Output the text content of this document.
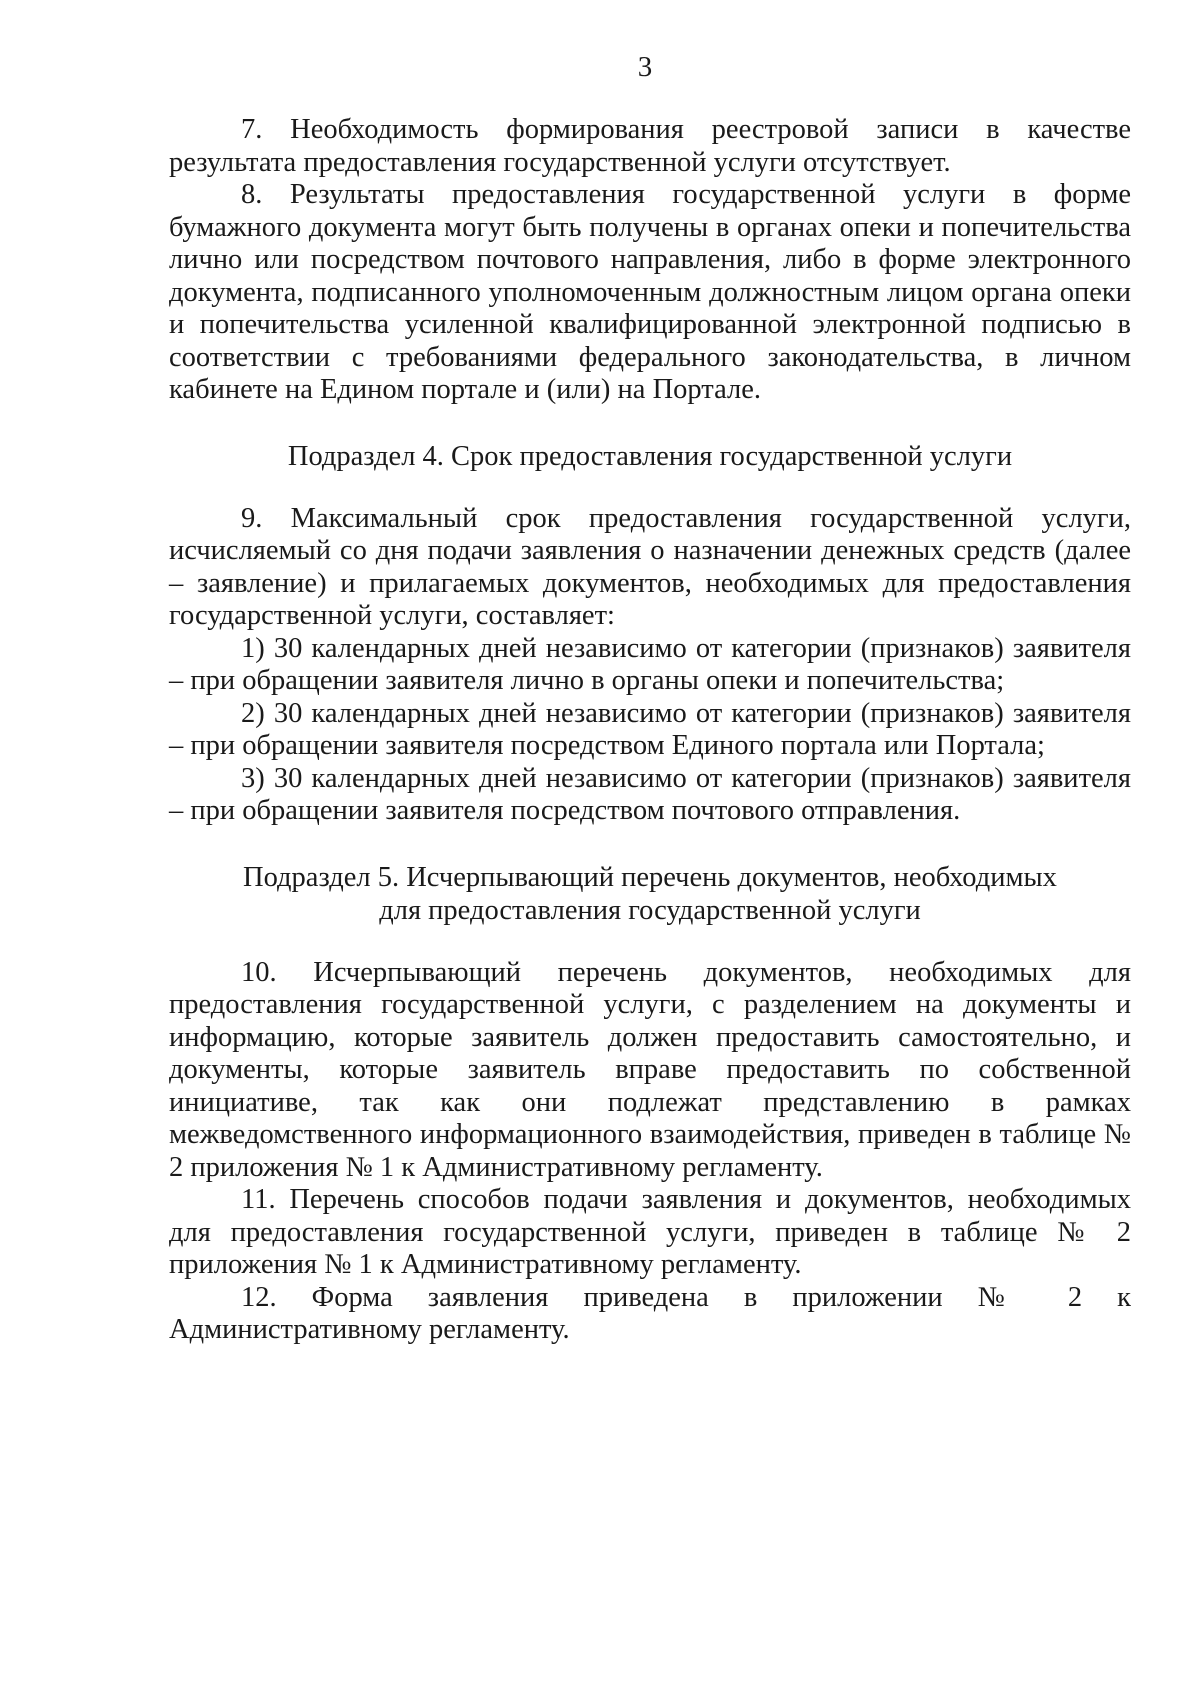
3

7. Необходимость формирования реестровой записи в качестве результата предоставления государственной услуги отсутствует.

8. Результаты предоставления государственной услуги в форме бумажного документа могут быть получены в органах опеки и попечительства лично или посредством почтового направления, либо в форме электронного документа, подписанного уполномоченным должностным лицом органа опеки и попечительства усиленной квалифицированной электронной подписью в соответствии с требованиями федерального законодательства, в личном кабинете на Едином портале и (или) на Портале.

Подраздел 4. Срок предоставления государственной услуги

9. Максимальный срок предоставления государственной услуги, исчисляемый со дня подачи заявления о назначении денежных средств (далее – заявление) и прилагаемых документов, необходимых для предоставления государственной услуги, составляет:

1) 30 календарных дней независимо от категории (признаков) заявителя – при обращении заявителя лично в органы опеки и попечительства;

2) 30 календарных дней независимо от категории (признаков) заявителя – при обращении заявителя посредством Единого портала или Портала;

3) 30 календарных дней независимо от категории (признаков) заявителя – при обращении заявителя посредством почтового отправления.

Подраздел 5. Исчерпывающий перечень документов, необходимых
для предоставления государственной услуги

10. Исчерпывающий перечень документов, необходимых для предоставления государственной услуги, с разделением на документы и информацию, которые заявитель должен предоставить самостоятельно, и документы, которые заявитель вправе предоставить по собственной инициативе, так как они подлежат представлению в рамках межведомственного информационного взаимодействия, приведен в таблице № 2 приложения № 1 к Административному регламенту.

11. Перечень способов подачи заявления и документов, необходимых для предоставления государственной услуги, приведен в таблице № 2 приложения № 1 к Административному регламенту.

12. Форма заявления приведена в приложении № 2 к Административному регламенту.
